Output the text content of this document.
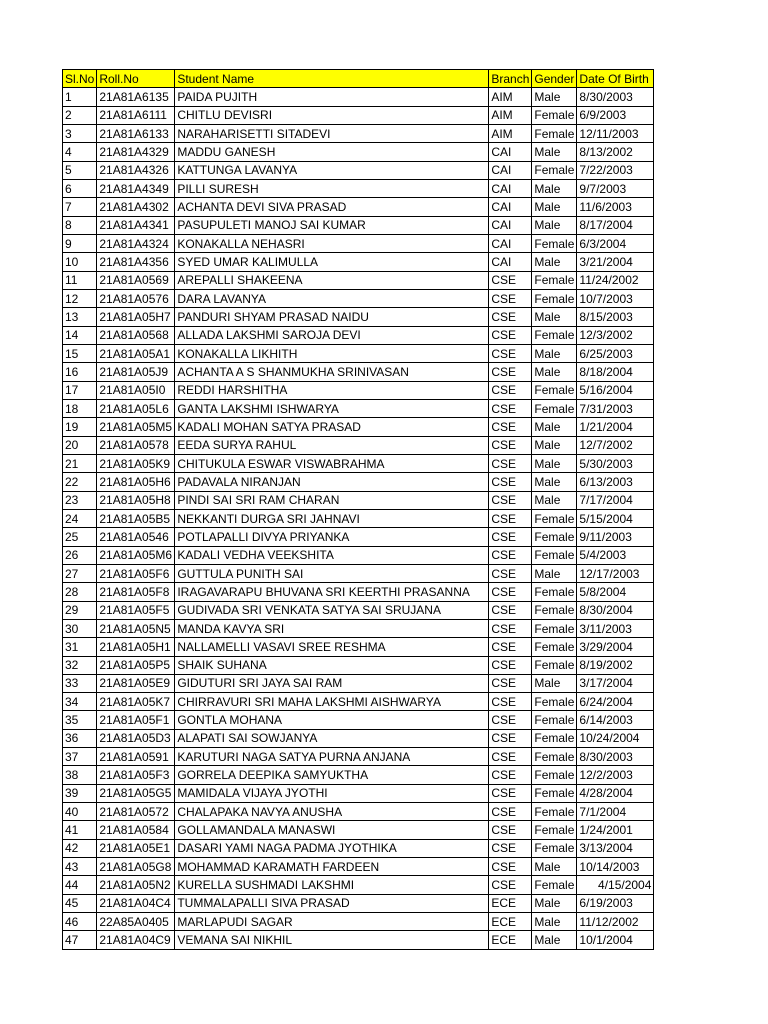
Sl.No	Roll.No	Student Name	Branch	Gender	Date Of Birth
1	21A81A6135	PAIDA PUJITH	AIM	Male	8/30/2003
2	21A81A6111	CHITLU DEVISRI	AIM	Female	6/9/2003
3	21A81A6133	NARAHARISETTI SITADEVI	AIM	Female	12/11/2003
4	21A81A4329	MADDU GANESH	CAI	Male	8/13/2002
5	21A81A4326	KATTUNGA LAVANYA	CAI	Female	7/22/2003
6	21A81A4349	PILLI SURESH	CAI	Male	9/7/2003
7	21A81A4302	ACHANTA DEVI SIVA PRASAD	CAI	Male	11/6/2003
8	21A81A4341	PASUPULETI MANOJ SAI KUMAR	CAI	Male	8/17/2004
9	21A81A4324	KONAKALLA NEHASRI	CAI	Female	6/3/2004
10	21A81A4356	SYED UMAR KALIMULLA	CAI	Male	3/21/2004
11	21A81A0569	AREPALLI SHAKEENA	CSE	Female	11/24/2002
12	21A81A0576	DARA LAVANYA	CSE	Female	10/7/2003
13	21A81A05H7	PANDURI SHYAM PRASAD NAIDU	CSE	Male	8/15/2003
14	21A81A0568	ALLADA LAKSHMI SAROJA DEVI	CSE	Female	12/3/2002
15	21A81A05A1	KONAKALLA LIKHITH	CSE	Male	6/25/2003
16	21A81A05J9	ACHANTA A S SHANMUKHA SRINIVASAN	CSE	Male	8/18/2004
17	21A81A05I0	REDDI HARSHITHA	CSE	Female	5/16/2004
18	21A81A05L6	GANTA LAKSHMI ISHWARYA	CSE	Female	7/31/2003
19	21A81A05M5	KADALI MOHAN SATYA PRASAD	CSE	Male	1/21/2004
20	21A81A0578	EEDA SURYA RAHUL	CSE	Male	12/7/2002
21	21A81A05K9	CHITUKULA ESWAR VISWABRAHMA	CSE	Male	5/30/2003
22	21A81A05H6	PADAVALA NIRANJAN	CSE	Male	6/13/2003
23	21A81A05H8	PINDI SAI SRI RAM CHARAN	CSE	Male	7/17/2004
24	21A81A05B5	NEKKANTI DURGA SRI JAHNAVI	CSE	Female	5/15/2004
25	21A81A0546	POTLAPALLI DIVYA PRIYANKA	CSE	Female	9/11/2003
26	21A81A05M6	KADALI VEDHA VEEKSHITA	CSE	Female	5/4/2003
27	21A81A05F6	GUTTULA PUNITH SAI	CSE	Male	12/17/2003
28	21A81A05F8	IRAGAVARAPU BHUVANA SRI KEERTHI PRASANNA	CSE	Female	5/8/2004
29	21A81A05F5	GUDIVADA SRI VENKATA SATYA SAI SRUJANA	CSE	Female	8/30/2004
30	21A81A05N5	MANDA KAVYA SRI	CSE	Female	3/11/2003
31	21A81A05H1	NALLAMELLI VASAVI SREE RESHMA	CSE	Female	3/29/2004
32	21A81A05P5	SHAIK SUHANA	CSE	Female	8/19/2002
33	21A81A05E9	GIDUTURI SRI JAYA SAI RAM	CSE	Male	3/17/2004
34	21A81A05K7	CHIRRAVURI SRI MAHA LAKSHMI AISHWARYA	CSE	Female	6/24/2004
35	21A81A05F1	GONTLA MOHANA	CSE	Female	6/14/2003
36	21A81A05D3	ALAPATI SAI SOWJANYA	CSE	Female	10/24/2004
37	21A81A0591	KARUTURI NAGA SATYA PURNA ANJANA	CSE	Female	8/30/2003
38	21A81A05F3	GORRELA DEEPIKA SAMYUKTHA	CSE	Female	12/2/2003
39	21A81A05G5	MAMIDALA VIJAYA JYOTHI	CSE	Female	4/28/2004
40	21A81A0572	CHALAPAKA NAVYA ANUSHA	CSE	Female	7/1/2004
41	21A81A0584	GOLLAMANDALA MANASWI	CSE	Female	1/24/2001
42	21A81A05E1	DASARI YAMI NAGA PADMA JYOTHIKA	CSE	Female	3/13/2004
43	21A81A05G8	MOHAMMAD KARAMATH FARDEEN	CSE	Male	10/14/2003
44	21A81A05N2	KURELLA SUSHMADI LAKSHMI	CSE	Female	4/15/2004
45	21A81A04C4	TUMMALAPALLI SIVA PRASAD	ECE	Male	6/19/2003
46	22A85A0405	MARLAPUDI SAGAR	ECE	Male	11/12/2002
47	21A81A04C9	VEMANA SAI NIKHIL	ECE	Male	10/1/2004
